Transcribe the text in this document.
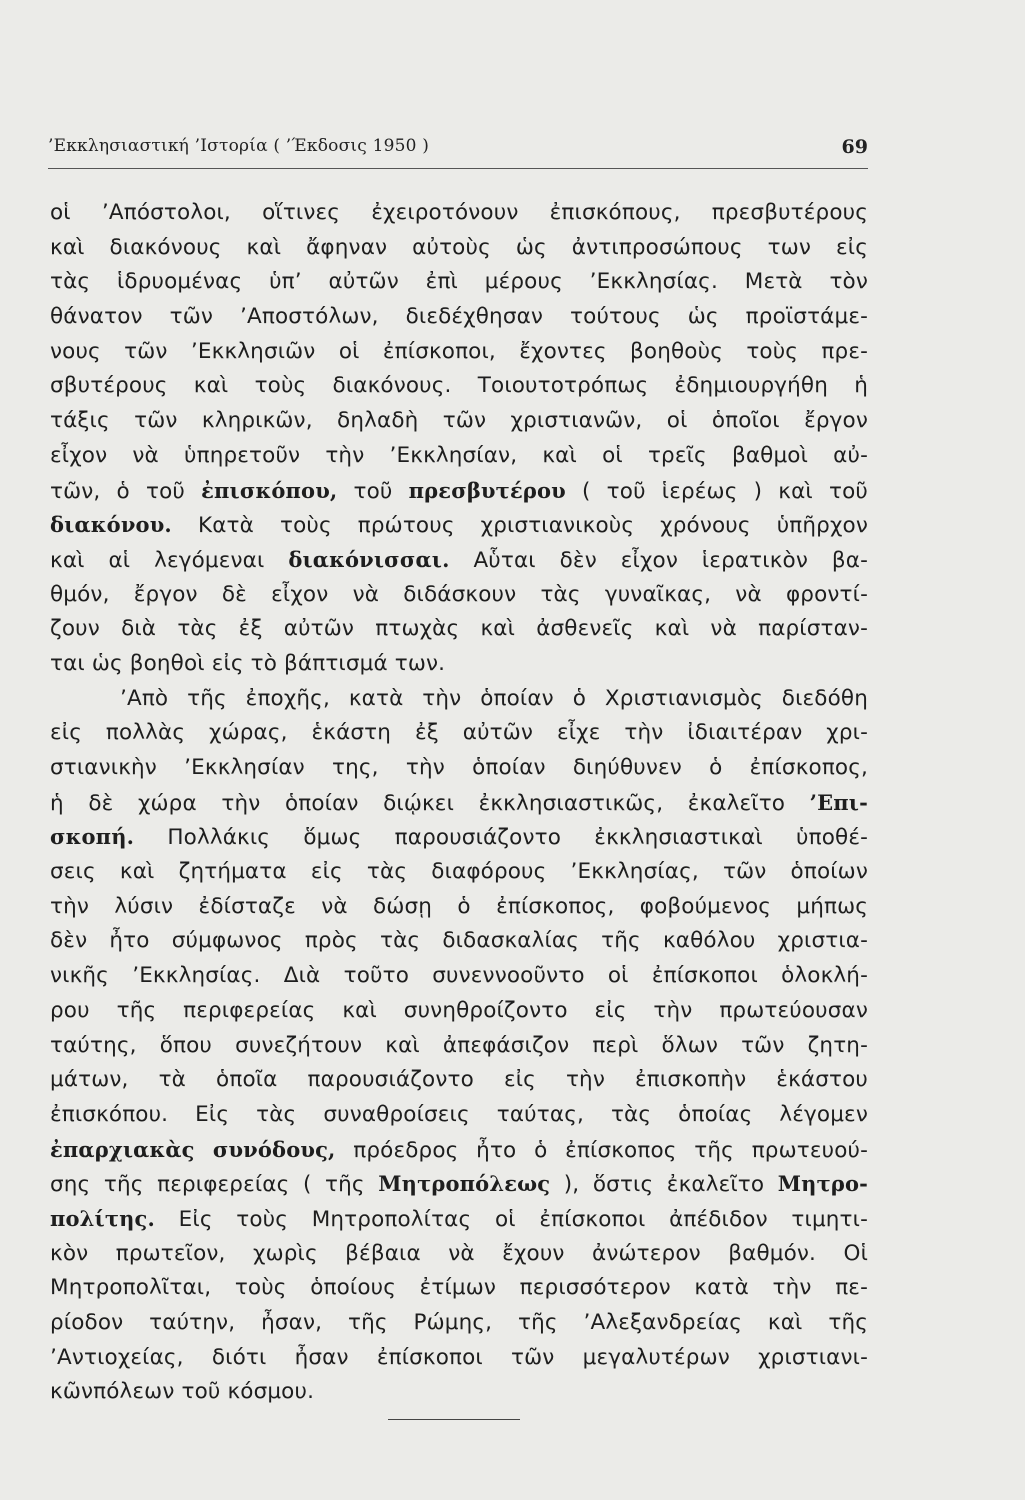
’Εκκλησιαστική ’Ιστορία ( ’Έκδοσις 1950 )	69
οἱ ’Απόστολοι, οἵτινες ἐχειροτόνουν ἐπισκόπους, πρεσβυτέρους
καὶ διακόνους καὶ ἄφηναν αὐτοὺς ὡς ἀντιπροσώπους των εἰς
τὰς ἱδρυομένας ὑπ’ αὐτῶν ἐπὶ μέρους ’Εκκλησίας. Μετὰ τὸν
θάνατον τῶν ’Αποστόλων, διεδέχθησαν τούτους ὡς προϊστάμε-
νους τῶν ’Εκκλησιῶν οἱ ἐπίσκοποι, ἔχοντες βοηθοὺς τοὺς πρε-
σβυτέρους καὶ τοὺς διακόνους. Τοιουτοτρόπως ἐδημιουργήθη ἡ
τάξις τῶν κληρικῶν, δηλαδὴ τῶν χριστιανῶν, οἱ ὁποῖοι ἔργον
εἶχον νὰ ὑπηρετοῦν τὴν ’Εκκλησίαν, καὶ οἱ τρεῖς βαθμοὶ αὐ-
τῶν, ὁ τοῦ ἐπισκόπου, τοῦ πρεσβυτέρου ( τοῦ ἱερέως ) καὶ τοῦ
διακόνου. Κατὰ τοὺς πρώτους χριστιανικοὺς χρόνους ὑπῆρχον
καὶ αἱ λεγόμεναι διακόνισσαι. Αὗται δὲν εἶχον ἱερατικὸν βα-
θμόν, ἔργον δὲ εἶχον νὰ διδάσκουν τὰς γυναῖκας, νὰ φροντί-
ζουν διὰ τὰς ἐξ αὐτῶν πτωχὰς καὶ ἀσθενεῖς καὶ νὰ παρίσταν-
ται ὡς βοηθοὶ εἰς τὸ βάπτισμά των.
’Απὸ τῆς ἐποχῆς, κατὰ τὴν ὁποίαν ὁ Χριστιανισμὸς διεδόθη
εἰς πολλὰς χώρας, ἑκάστη ἐξ αὐτῶν εἶχε τὴν ἰδιαιτέραν χρι-
στιανικὴν ’Εκκλησίαν της, τὴν ὁποίαν διηύθυνεν ὁ ἐπίσκοπος,
ἡ δὲ χώρα τὴν ὁποίαν διῴκει ἐκκλησιαστικῶς, ἐκαλεῖτο ’Επι-
σκοπή. Πολλάκις ὅμως παρουσιάζοντο ἐκκλησιαστικαὶ ὑποθέ-
σεις καὶ ζητήματα εἰς τὰς διαφόρους ’Εκκλησίας, τῶν ὁποίων
τὴν λύσιν ἐδίσταζε νὰ δώσῃ ὁ ἐπίσκοπος, φοβούμενος μήπως
δὲν ἦτο σύμφωνος πρὸς τὰς διδασκαλίας τῆς καθόλου χριστια-
νικῆς ’Εκκλησίας. Διὰ τοῦτο συνεννοοῦντο οἱ ἐπίσκοποι ὁλοκλή-
ρου τῆς περιφερείας καὶ συνηθροίζοντο εἰς τὴν πρωτεύουσαν
ταύτης, ὅπου συνεζήτουν καὶ ἀπεφάσιζον περὶ ὅλων τῶν ζητη-
μάτων, τὰ ὁποῖα παρουσιάζοντο εἰς τὴν ἐπισκοπὴν ἑκάστου
ἐπισκόπου. Εἰς τὰς συναθροίσεις ταύτας, τὰς ὁποίας λέγομεν
ἐπαρχιακὰς συνόδους, πρόεδρος ἦτο ὁ ἐπίσκοπος τῆς πρωτευού-
σης τῆς περιφερείας ( τῆς Μητροπόλεως ), ὅστις ἐκαλεῖτο Μητρο-
πολίτης. Εἰς τοὺς Μητροπολίτας οἱ ἐπίσκοποι ἀπέδιδον τιμητι-
κὸν πρωτεῖον, χωρὶς βέβαια νὰ ἔχουν ἀνώτερον βαθμόν. Οἱ
Μητροπολῖται, τοὺς ὁποίους ἐτίμων περισσότερον κατὰ τὴν πε-
ρίοδον ταύτην, ἦσαν, τῆς Ρώμης, τῆς ’Αλεξανδρείας καὶ τῆς
’Αντιοχείας, διότι ἦσαν ἐπίσκοποι τῶν μεγαλυτέρων χριστιανι-
κῶνπόλεων τοῦ κόσμου.
